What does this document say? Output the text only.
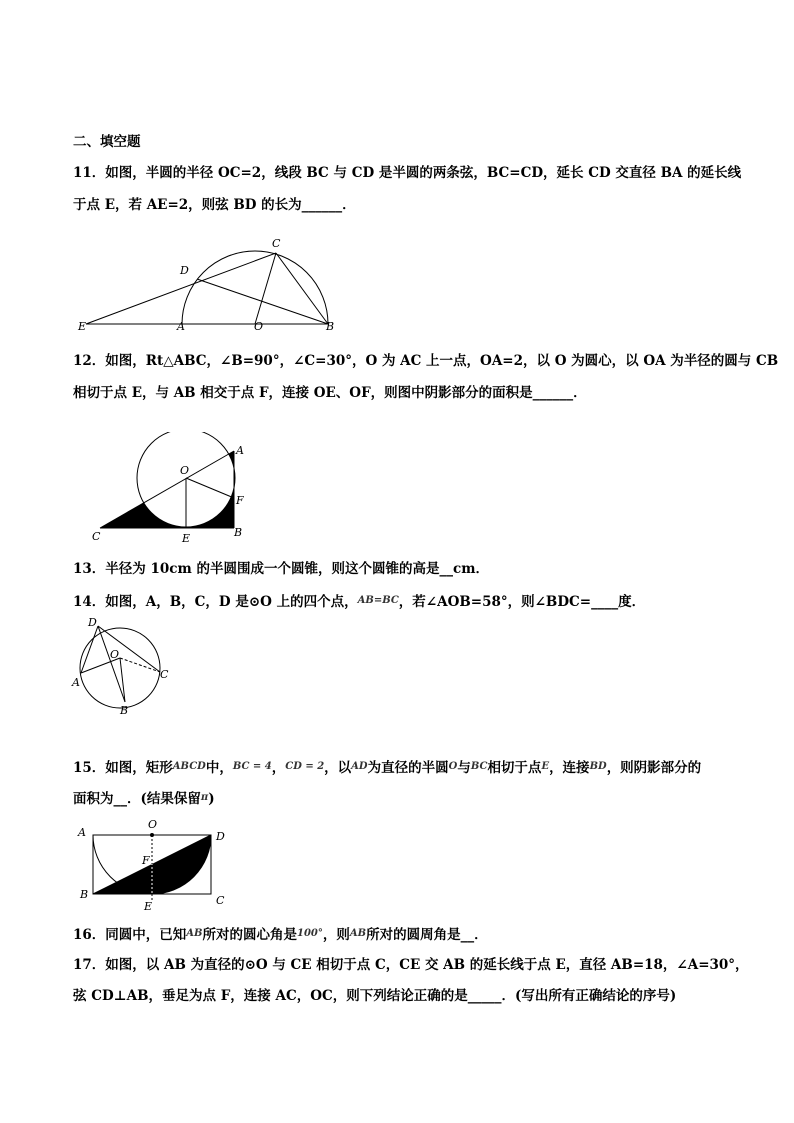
二、填空题
11．如图，半圆的半径 OC=2，线段 BC 与 CD 是半圆的两条弦，BC=CD，延长 CD 交直径 BA 的延长线
于点 E，若 AE=2，则弦 BD 的长为______．
C
D
E	A	O	B
12．如图，Rt△ABC，∠B=90°，∠C=30°，O 为 AC 上一点，OA=2，以 O 为圆心，以 OA 为半径的圆与 CB
相切于点 E，与 AB 相交于点 F，连接 OE、OF，则图中阴影部分的面积是______．
A
O
F
C	E	B
13．半径为 10cm 的半圆围成一个圆锥，则这个圆锥的高是__cm．
14．如图，A，B，C，D 是⊙O 上的四个点，$^{AB=BC}$，若∠AOB=58°，则∠BDC=____度．
D
O
A
C
B
15．如图，矩形$^{ABCD}$中，$^{BC = 4}$，$^{CD = 2}$，以$^{AD}$为直径的半圆$^O$与$^{BC}$相切于点$^E$，连接$^{BD}$，则阴影部分的
面积为__．(结果保留$^\pi$)
A
O
D
F
B
E	C
16．同圆中，已知$^{AB}$所对的圆心角是$^{100^\circ}$，则$^{AB}$所对的圆周角是__．
17．如图，以 AB 为直径的⊙O 与 CE 相切于点 C，CE 交 AB 的延长线于点 E，直径 AB=18，∠A=30°，
弦 CD⊥AB，垂足为点 F，连接 AC，OC，则下列结论正确的是_____．(写出所有正确结论的序号)
